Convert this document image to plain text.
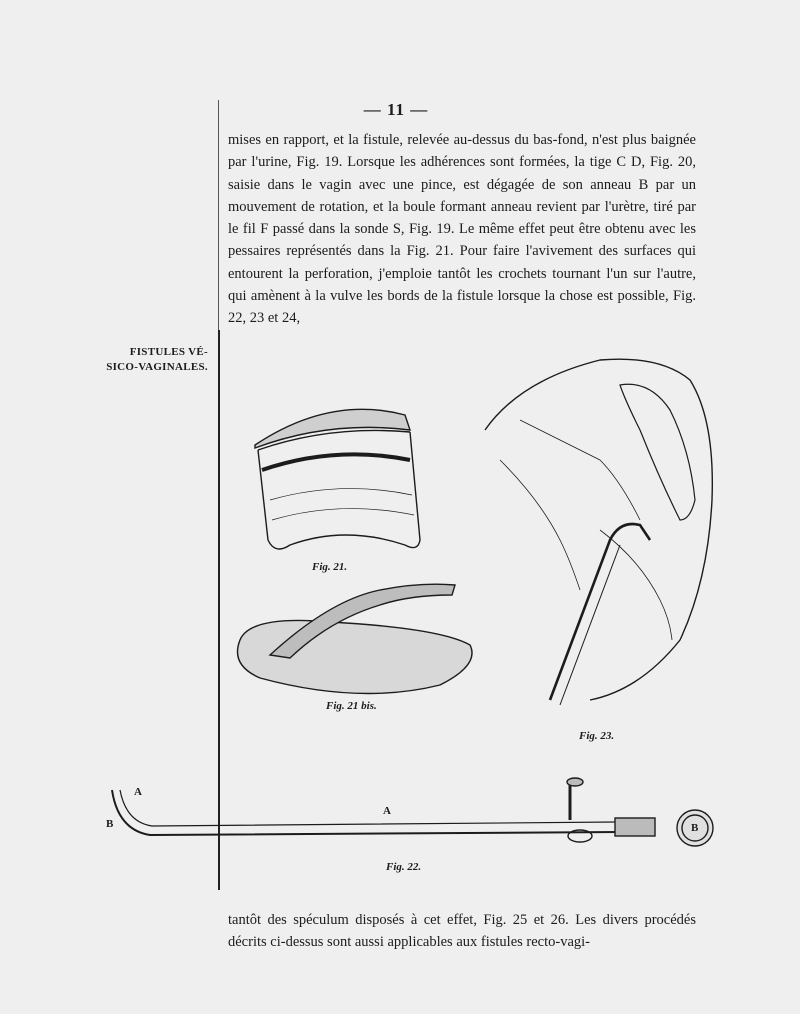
— 11 —
FISTULES VÉ-
SICO-VAGINALES.

mises en rapport, et la fistule, relevée au-dessus du bas-fond, n'est plus baignée par l'urine, Fig. 19. Lorsque les adhérences sont formées, la tige C D, Fig. 20, saisie dans le vagin avec une pince, est dégagée de son anneau B par un mouvement de rotation, et la boule formant anneau revient par l'urètre, tiré par le fil F passé dans la sonde S, Fig. 19. Le même effet peut être obtenu avec les pessaires représentés dans la Fig. 21. Pour faire l'avivement des surfaces qui entourent la perforation, j'emploie tantôt les crochets tournant l'un sur l'autre, qui amènent à la vulve les bords de la fistule lorsque la chose est possible, Fig. 22, 23 et 24,

Fig. 21.
Fig. 21 bis.
Fig. 23.
Fig. 22.
A
A
B	B

tantôt des spéculum disposés à cet effet, Fig. 25 et 26. Les divers procédés décrits ci-dessus sont aussi applicables aux fistules recto-vagi-
